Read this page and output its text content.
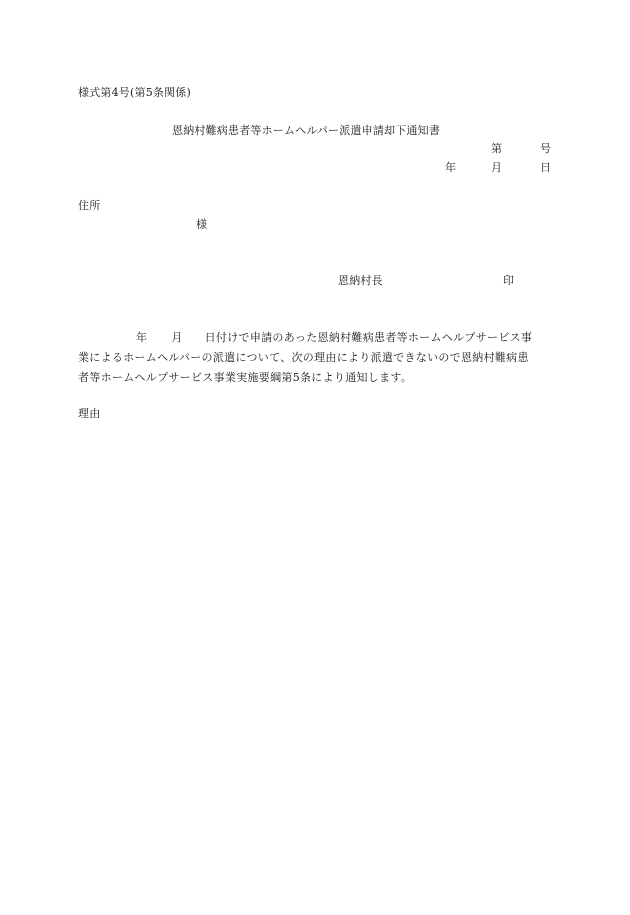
様式第4号(第5条関係)
恩納村難病患者等ホームヘルパー派遣申請却下通知書
第	号
年	月	日
住所
様
恩納村長	印
年 月 日付けで申請のあった恩納村難病患者等ホームヘルプサービス事
業によるホームヘルパーの派遣について、次の理由により派遣できないので恩納村難病患
者等ホームヘルプサービス事業実施要綱第5条により通知します。
理由
